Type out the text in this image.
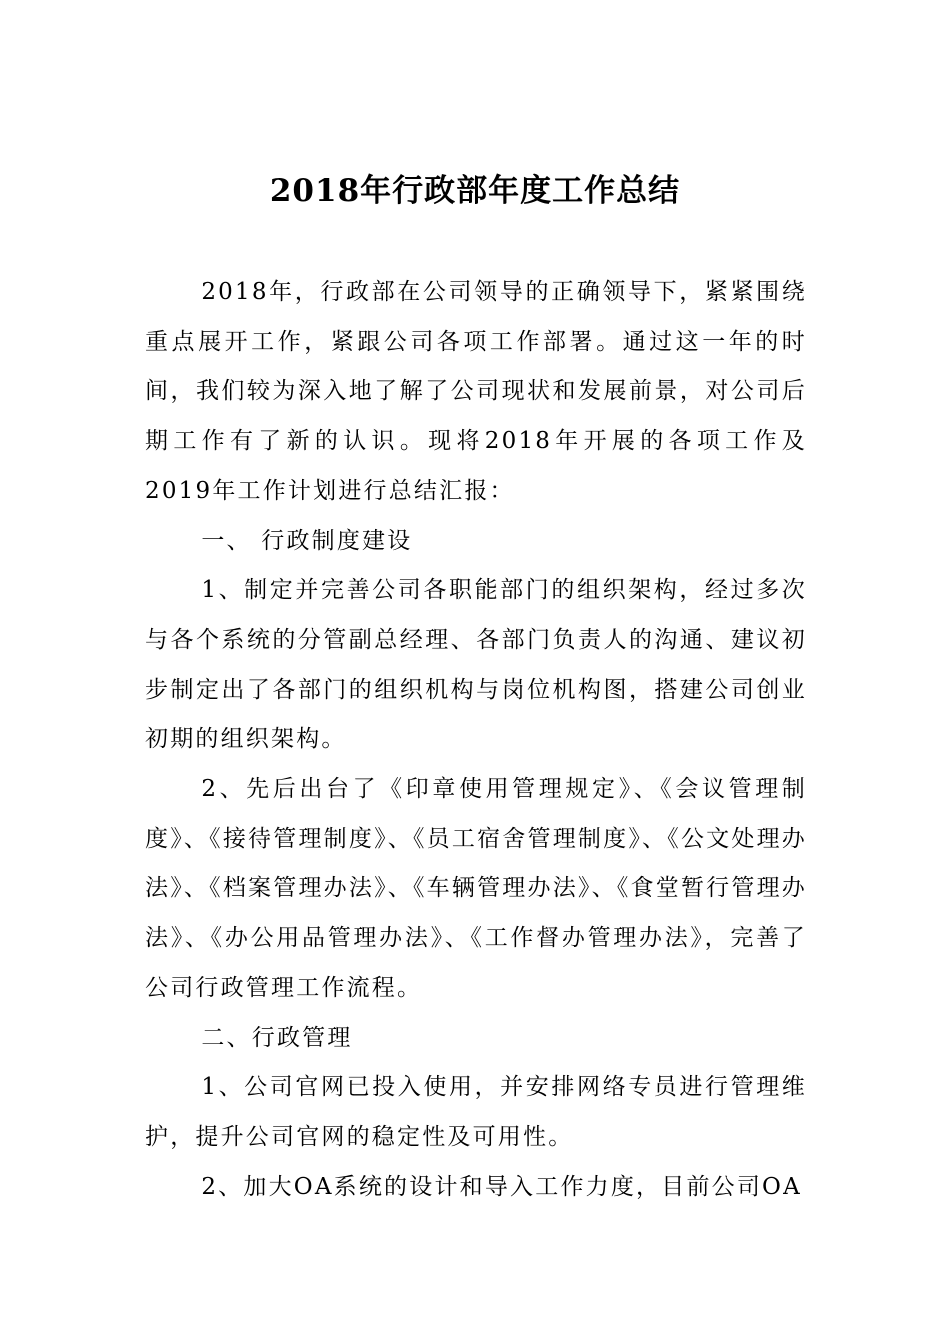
2018年行政部年度工作总结

2018年，行政部在公司领导的正确领导下，紧紧围绕重点展开工作，紧跟公司各项工作部署。通过这一年的时间，我们较为深入地了解了公司现状和发展前景，对公司后期工作有了新的认识。现将2018年开展的各项工作及2019年工作计划进行总结汇报：

一、 行政制度建设

1、制定并完善公司各职能部门的组织架构，经过多次与各个系统的分管副总经理、各部门负责人的沟通、建议初步制定出了各部门的组织机构与岗位机构图，搭建公司创业初期的组织架构。

2、先后出台了《印章使用管理规定》、《会议管理制度》、《接待管理制度》、《员工宿舍管理制度》、《公文处理办法》、《档案管理办法》、《车辆管理办法》、《食堂暂行管理办法》、《办公用品管理办法》、《工作督办管理办法》，完善了公司行政管理工作流程。

二、行政管理

1、公司官网已投入使用，并安排网络专员进行管理维护，提升公司官网的稳定性及可用性。

2、加大OA系统的设计和导入工作力度，目前公司OA
